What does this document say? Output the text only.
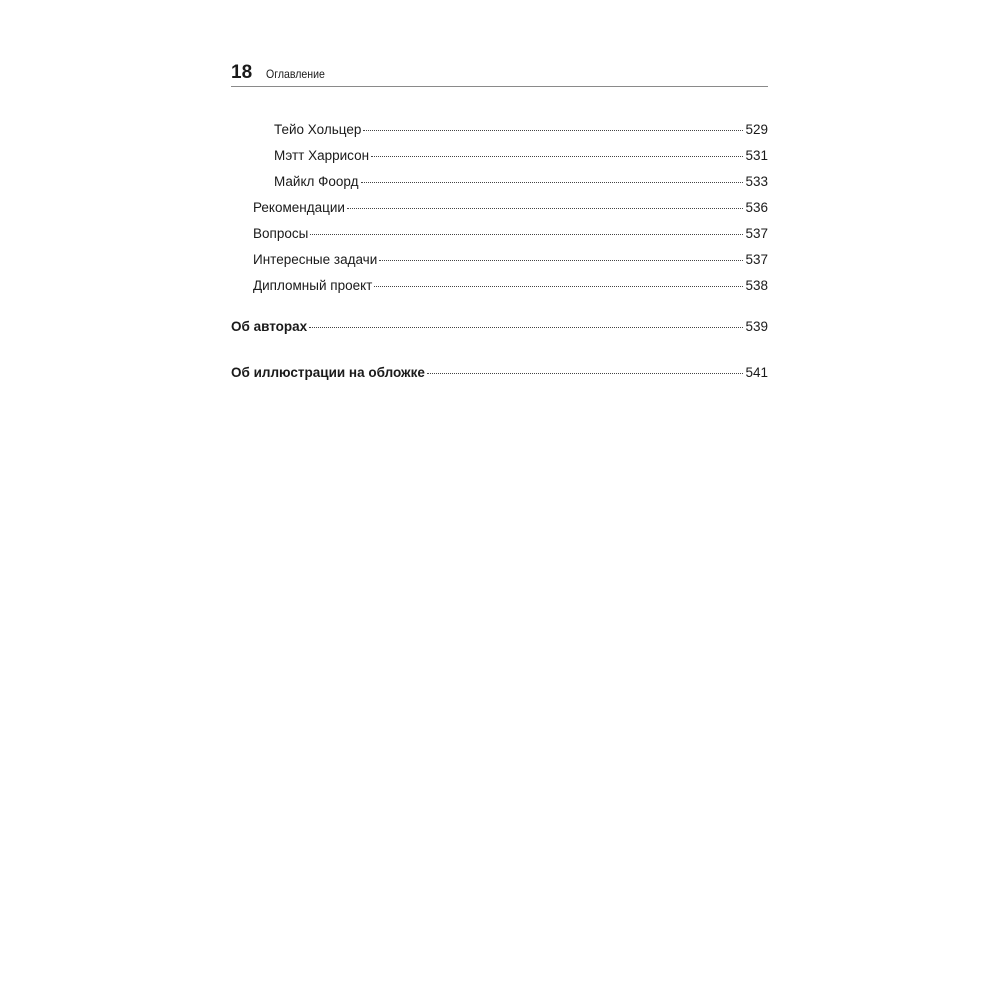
18 Оглавление
Тейо Хольцер	529
Мэтт Харрисон	531
Майкл Фоорд	533
Рекомендации	536
Вопросы	537
Интересные задачи	537
Дипломный проект	538
Об авторах	539
Об иллюстрации на обложке	541
